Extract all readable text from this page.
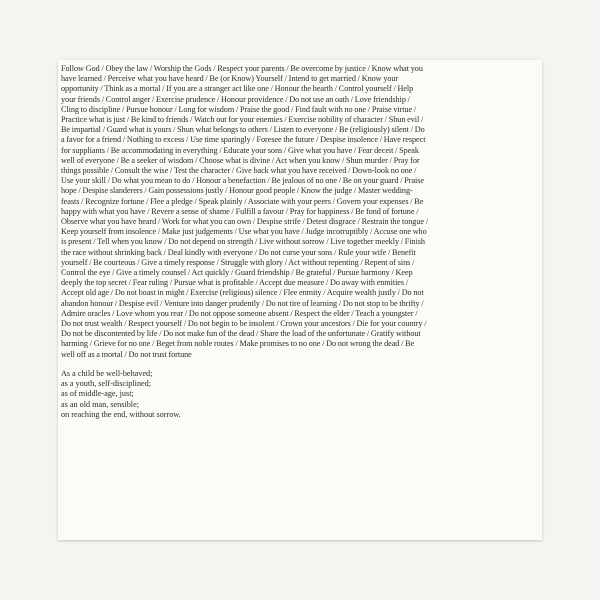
Follow God / Obey the law / Worship the Gods / Respect your parents / Be overcome by justice / Know what you have learned / Perceive what you have heard / Be (or Know) Yourself / Intend to get married / Know your opportunity / Think as a mortal / If you are a stranger act like one / Honour the hearth / Control yourself / Help your friends / Control anger / Exercise prudence / Honour providence / Do not use an oath / Love friendship / Cling to discipline / Pursue honour / Long for wisdom / Praise the good / Find fault with no one / Praise virtue / Practice what is just / Be kind to friends / Watch out for your enemies / Exercise nobility of character / Shun evil / Be impartial / Guard what is yours / Shun what belongs to others / Listen to everyone / Be (religiously) silent / Do a favor for a friend / Nothing to excess / Use time sparingly / Foresee the future / Despise insolence / Have respect for suppliants / Be accommodating in everything / Educate your sons / Give what you have / Fear deceit / Speak well of everyone / Be a seeker of wisdom / Choose what is divine / Act when you know / Shun murder / Pray for things possible / Consult the wise / Test the character / Give back what you have received / Down-look no one / Use your skill / Do what you mean to do / Honour a benefaction / Be jealous of no one / Be on your guard / Praise hope / Despise slanderers / Gain possessions justly / Honour good people / Know the judge / Master wedding-feasts / Recognize fortune / Flee a pledge / Speak plainly / Associate with your peers / Govern your expenses / Be happy with what you have / Revere a sense of shame / Fulfill a favour / Pray for happiness / Be fond of fortune / Observe what you have heard / Work for what you can own / Despise strife / Detest disgrace / Restrain the tongue / Keep yourself from insolence / Make just judgements / Use what you have / Judge incorruptibly / Accuse one who is present / Tell when you know / Do not depend on strength / Live without sorrow / Live together meekly / Finish the race without shrinking back / Deal kindly with everyone / Do not curse your sons / Rule your wife / Benefit yourself / Be courteous / Give a timely response / Struggle with glory / Act without repenting / Repent of sins / Control the eye / Give a timely counsel / Act quickly / Guard friendship / Be grateful / Pursue harmony / Keep deeply the top secret / Fear ruling / Pursue what is profitable / Accept due measure / Do away with enmities / Accept old age / Do not boast in might / Exercise (religious) silence / Flee enmity / Acquire wealth justly / Do not abandon honour / Despise evil / Venture into danger prudently / Do not tire of learning / Do not stop to be thrifty / Admire oracles / Love whom you rear / Do not oppose someone absent / Respect the elder / Teach a youngster / Do not trust wealth / Respect yourself / Do not begin to be insolent / Crown your ancestors / Die for your country / Do not be discontented by life / Do not make fun of the dead / Share the load of the unfortunate / Gratify without harming / Grieve for no one / Beget from noble routes / Make promises to no one / Do not wrong the dead / Be well off as a mortal / Do not trust fortune

As a child be well-behaved;
as a youth, self-disciplined;
as of middle-age, just;
as an old man, sensible;
on reaching the end, without sorrow.
